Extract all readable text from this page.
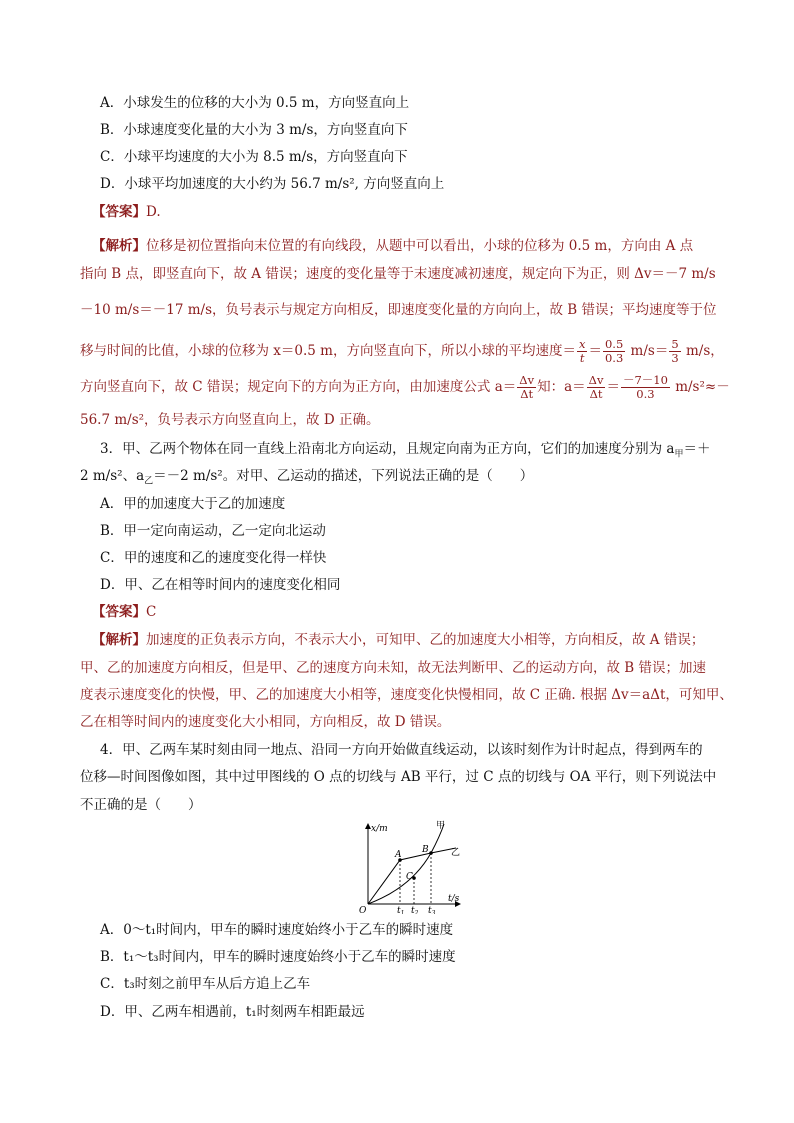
A．小球发生的位移的大小为 0.5 m，方向竖直向上
B．小球速度变化量的大小为 3 m/s，方向竖直向下
C．小球平均速度的大小为 8.5 m/s，方向竖直向下
D．小球平均加速度的大小约为 56.7 m/s², 方向竖直向上
【答案】D.
【解析】位移是初位置指向末位置的有向线段，从题中可以看出，小球的位移为 0.5 m，方向由 A 点
指向 B 点，即竖直向下，故 A 错误；速度的变化量等于末速度减初速度，规定向下为正，则 Δv＝－7 m/s
－10 m/s＝－17 m/s，负号表示与规定方向相反，即速度变化量的方向向上，故 B 错误；平均速度等于位
移与时间的比值，小球的位移为 x＝0.5 m，方向竖直向下，所以小球的平均速度＝ $\frac{x}{t} = \frac{0.5}{0.3} m/s= \frac{5}{3} m/s$，
方向竖直向下，故 C 错误；规定向下的方向为正方向，由加速度公式 $a= \frac{\Delta v}{\Delta t}$ 知：$a= \frac{\Delta v}{\Delta t} = \frac{-7-10}{0.3} m/s^2\approx-$
56.7 m/s²，负号表示方向竖直向上，故 D 正确。
3．甲、乙两个物体在同一直线上沿南北方向运动，且规定向南为正方向，它们的加速度分别为 $a_甲=+$
2 m/s²、$a_乙=-2$ m/s²。对甲、乙运动的描述，下列说法正确的是（　　）
A．甲的加速度大于乙的加速度
B．甲一定向南运动，乙一定向北运动
C．甲的速度和乙的速度变化得一样快
D．甲、乙在相等时间内的速度变化相同
【答案】C
【解析】加速度的正负表示方向，不表示大小，可知甲、乙的加速度大小相等，方向相反，故 A 错误；
甲、乙的加速度方向相反，但是甲、乙的速度方向未知，故无法判断甲、乙的运动方向，故 B 错误；加速
度表示速度变化的快慢，甲、乙的加速度大小相等，速度变化快慢相同，故 C 正确. 根据 Δv＝aΔt，可知甲、
乙在相等时间内的速度变化大小相同，方向相反，故 D 错误。
4．甲、乙两车某时刻由同一地点、沿同一方向开始做直线运动，以该时刻作为计时起点，得到两车的
位移—时间图像如图，其中过甲图线的 O 点的切线与 AB 平行，过 C 点的切线与 OA 平行，则下列说法中
不正确的是（　　）
x/m
t/s
O
甲
乙
A B
C
$t_1$ $t_2$ $t_3$
A．0～t₁时间内，甲车的瞬时速度始终小于乙车的瞬时速度
B．t₁～t₃时间内，甲车的瞬时速度始终小于乙车的瞬时速度
C．t₃时刻之前甲车从后方追上乙车
D．甲、乙两车相遇前，t₁时刻两车相距最远
